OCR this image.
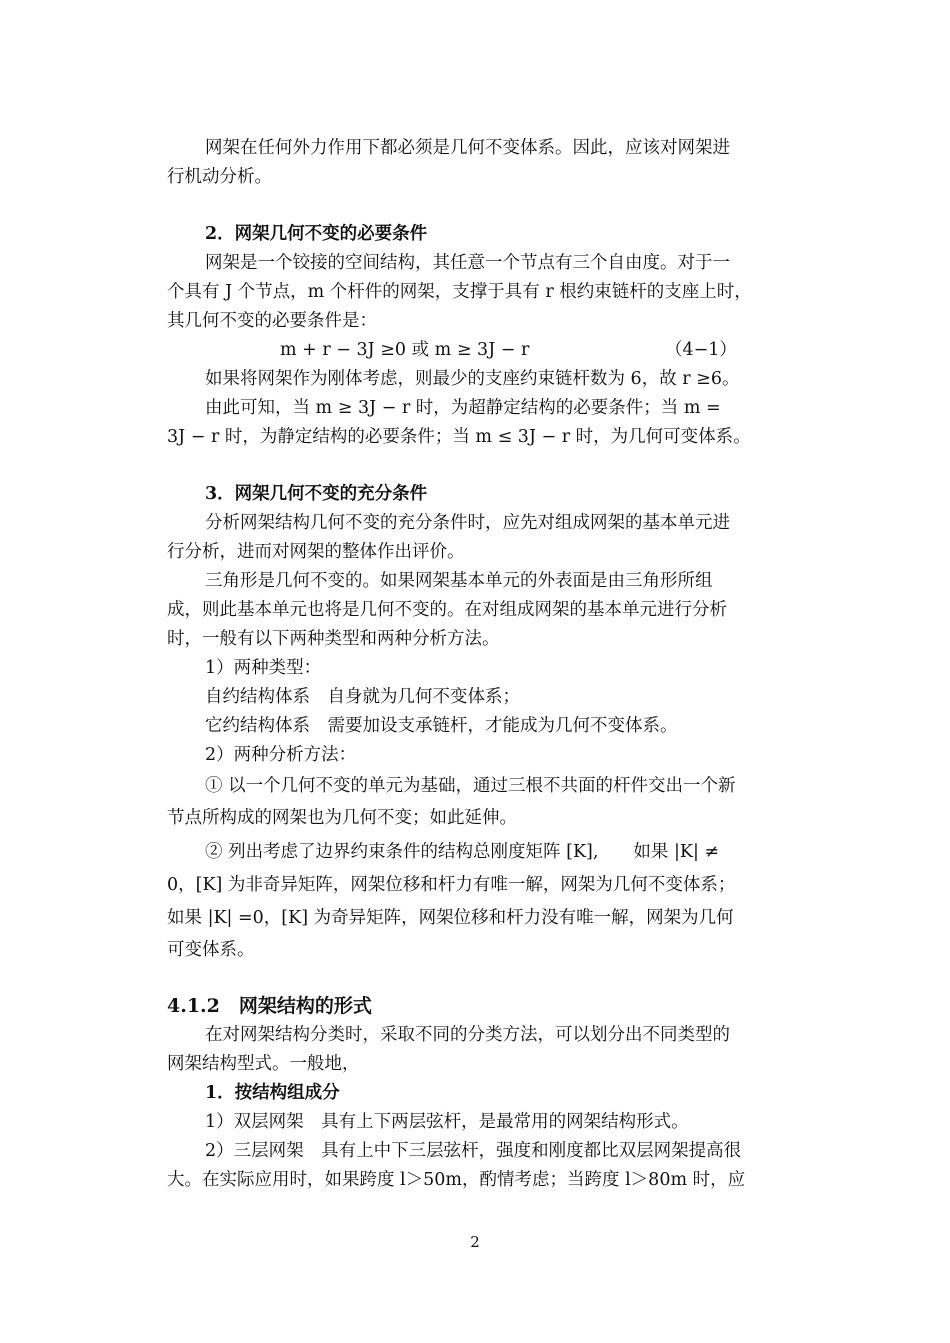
网架在任何外力作用下都必须是几何不变体系。因此，应该对网架进
行机动分析。
2．网架几何不变的必要条件
网架是一个铰接的空间结构，其任意一个节点有三个自由度。对于一
个具有 J 个节点，m 个杆件的网架，支撑于具有 r 根约束链杆的支座上时，
其几何不变的必要条件是：
如果将网架作为刚体考虑，则最少的支座约束链杆数为 6，故 r ≥6。
由此可知，当 m ≥ 3J − r 时，为超静定结构的必要条件；当 m =
3J − r 时，为静定结构的必要条件；当 m ≤ 3J − r 时，为几何可变体系。
3．网架几何不变的充分条件
分析网架结构几何不变的充分条件时，应先对组成网架的基本单元进
行分析，进而对网架的整体作出评价。
三角形是几何不变的。如果网架基本单元的外表面是由三角形所组
成，则此基本单元也将是几何不变的。在对组成网架的基本单元进行分析
时，一般有以下两种类型和两种分析方法。
1）两种类型：
自约结构体系　自身就为几何不变体系；
它约结构体系　需要加设支承链杆，才能成为几何不变体系。
2）两种分析方法：
① 以一个几何不变的单元为基础，通过三根不共面的杆件交出一个新
节点所构成的网架也为几何不变；如此延伸。
② 列出考虑了边界约束条件的结构总刚度矩阵 [K],　　如果 |K| ≠
0，[K] 为非奇异矩阵，网架位移和杆力有唯一解，网架为几何不变体系；
如果 |K| =0，[K] 为奇异矩阵，网架位移和杆力没有唯一解，网架为几何
可变体系。
4.1.2　网架结构的形式
在对网架结构分类时，采取不同的分类方法，可以划分出不同类型的
网架结构型式。一般地，
1．按结构组成分
1）双层网架　具有上下两层弦杆，是最常用的网架结构形式。
2）三层网架　具有上中下三层弦杆，强度和刚度都比双层网架提高很
大。在实际应用时，如果跨度 l＞50m，酌情考虑；当跨度 l＞80m 时，应
m + r − 3J ≥0 或 m ≥ 3J − r	（4−1）
2
